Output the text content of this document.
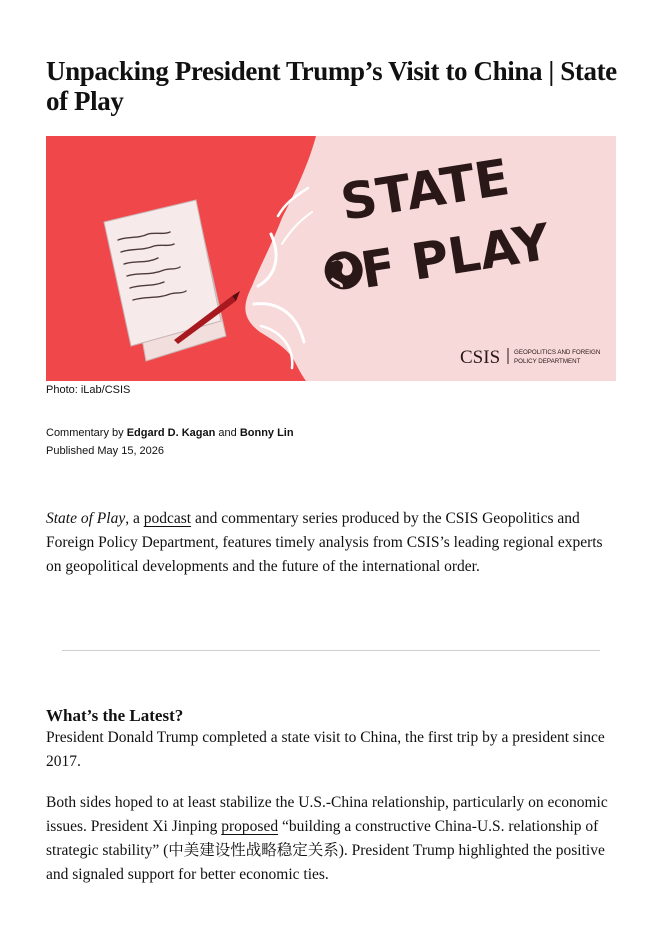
Unpacking President Trump’s Visit to China | State of Play
STATE
F PLAY
CSIS GEOPOLITICS AND FOREIGN
POLICY DEPARTMENT
Photo: iLab/CSIS
Commentary by Edgard D. Kagan and Bonny Lin
Published May 15, 2026

State of Play, a podcast and commentary series produced by the CSIS Geopolitics and Foreign Policy Department, features timely analysis from CSIS’s leading regional experts on geopolitical developments and the future of the international order.

What’s the Latest?

President Donald Trump completed a state visit to China, the first trip by a president since 2017.

Both sides hoped to at least stabilize the U.S.-China relationship, particularly on economic issues. President Xi Jinping proposed “building a constructive China-U.S. relationship of strategic stability” (中美建设性战略稳定关系). President Trump highlighted the positive and signaled support for better economic ties.
